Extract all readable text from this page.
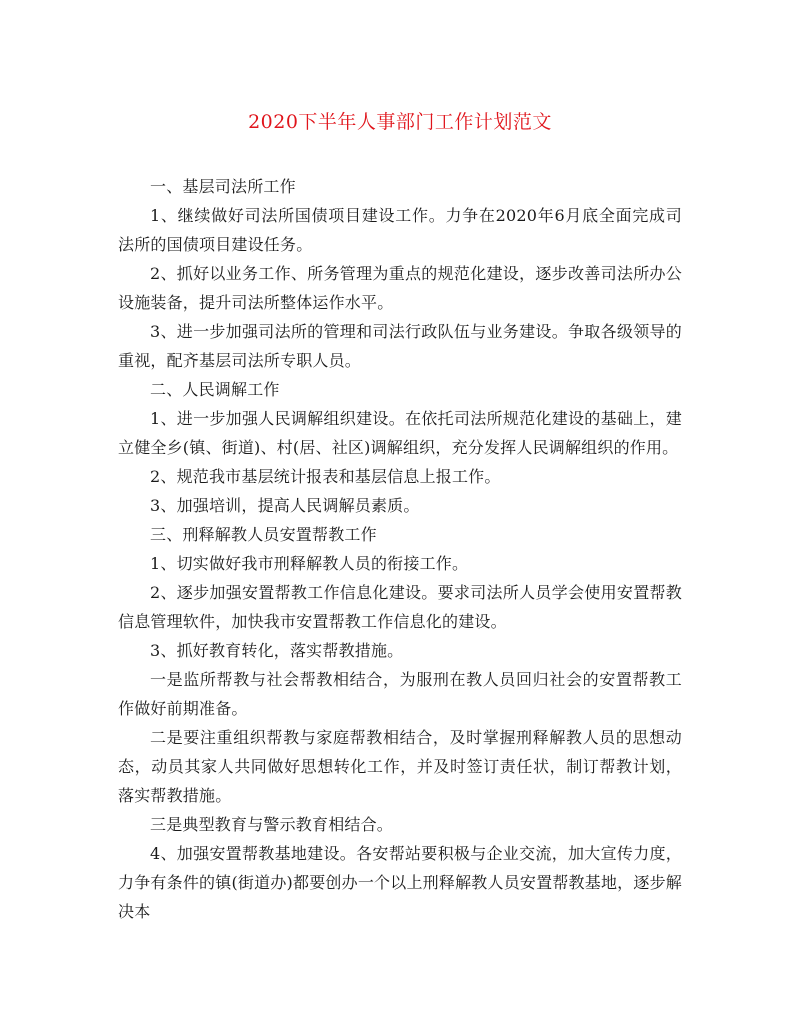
2020下半年人事部门工作计划范文

一、基层司法所工作

1、继续做好司法所国债项目建设工作。力争在2020年6月底全面完成司法所的国债项目建设任务。

2、抓好以业务工作、所务管理为重点的规范化建设，逐步改善司法所办公设施装备，提升司法所整体运作水平。

3、进一步加强司法所的管理和司法行政队伍与业务建设。争取各级领导的重视，配齐基层司法所专职人员。

二、人民调解工作

1、进一步加强人民调解组织建设。在依托司法所规范化建设的基础上，建立健全乡(镇、街道)、村(居、社区)调解组织，充分发挥人民调解组织的作用。

2、规范我市基层统计报表和基层信息上报工作。

3、加强培训，提高人民调解员素质。

三、刑释解教人员安置帮教工作

1、切实做好我市刑释解教人员的衔接工作。

2、逐步加强安置帮教工作信息化建设。要求司法所人员学会使用安置帮教信息管理软件，加快我市安置帮教工作信息化的建设。

3、抓好教育转化，落实帮教措施。

一是监所帮教与社会帮教相结合，为服刑在教人员回归社会的安置帮教工作做好前期准备。

二是要注重组织帮教与家庭帮教相结合，及时掌握刑释解教人员的思想动态，动员其家人共同做好思想转化工作，并及时签订责任状，制订帮教计划，落实帮教措施。

三是典型教育与警示教育相结合。

4、加强安置帮教基地建设。各安帮站要积极与企业交流，加大宣传力度，力争有条件的镇(街道办)都要创办一个以上刑释解教人员安置帮教基地，逐步解决本
